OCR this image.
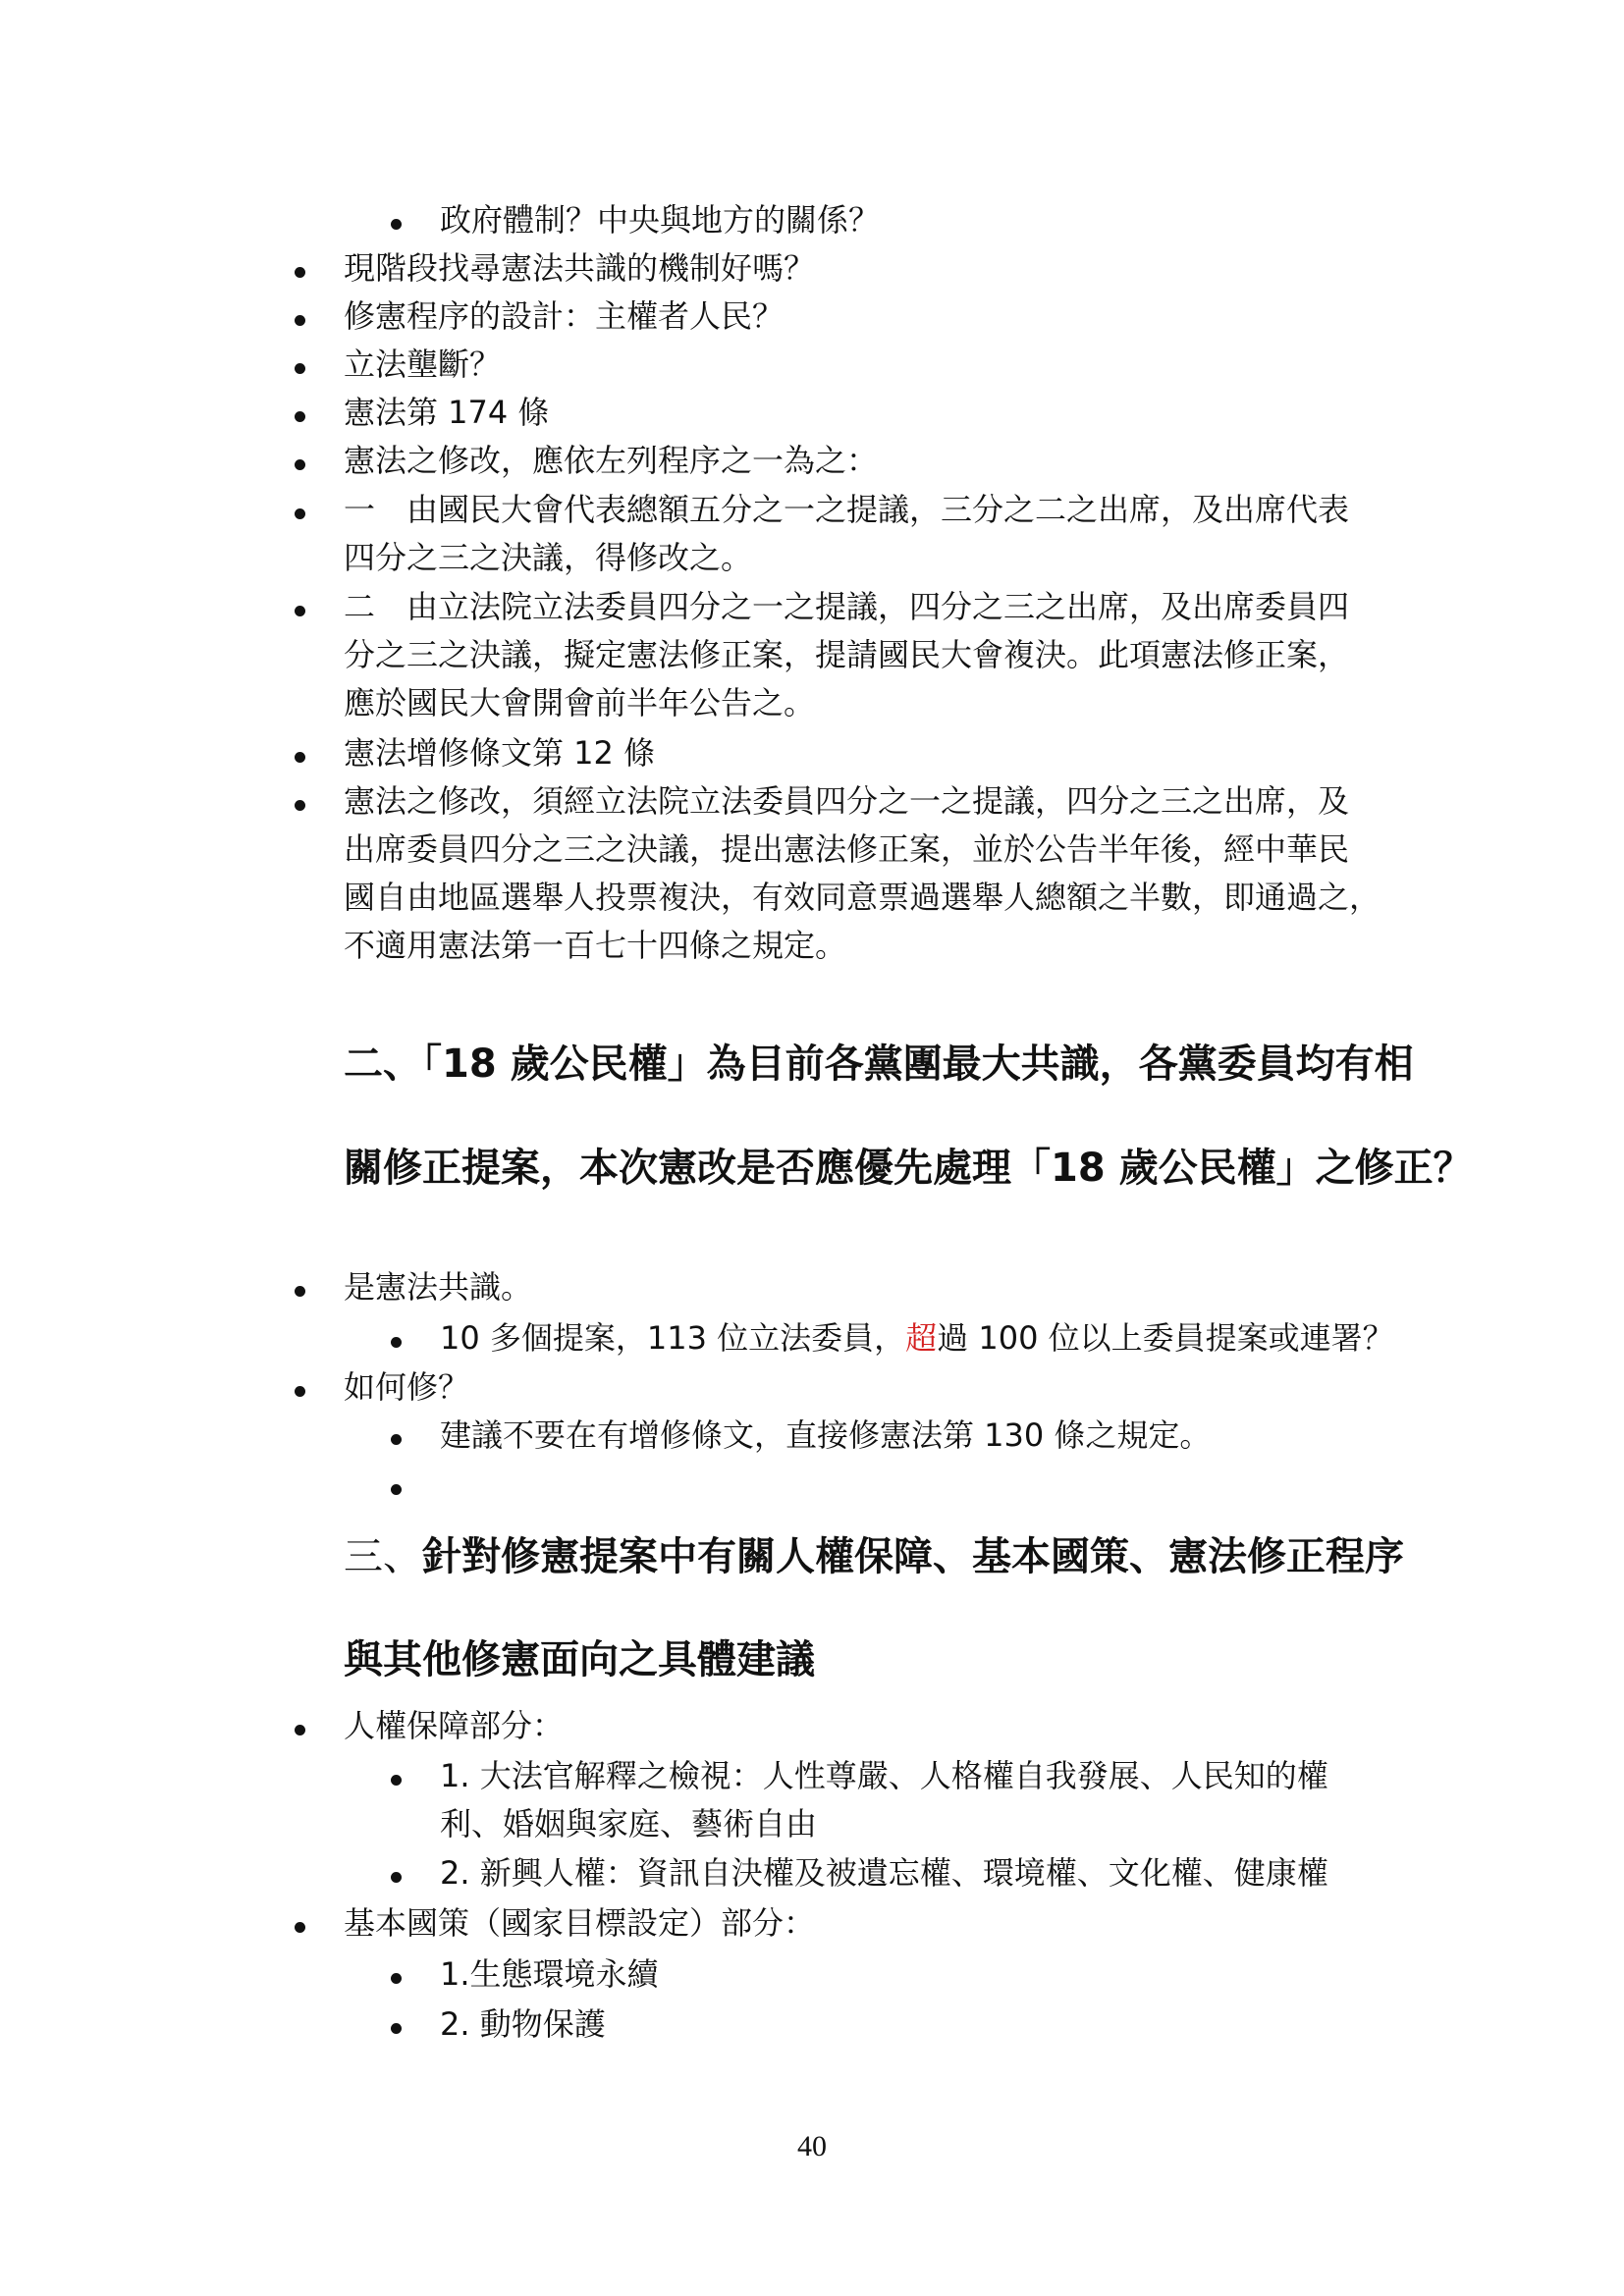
政府體制？中央與地方的關係？
現階段找尋憲法共識的機制好嗎？
修憲程序的設計：主權者人民？
立法壟斷？
憲法第 174 條
憲法之修改，應依左列程序之一為之：
一　由國民大會代表總額五分之一之提議，三分之二之出席，及出席代表
四分之三之決議，得修改之。
二　由立法院立法委員四分之一之提議，四分之三之出席，及出席委員四
分之三之決議，擬定憲法修正案，提請國民大會複決。此項憲法修正案，
應於國民大會開會前半年公告之。
憲法增修條文第 12 條
憲法之修改，須經立法院立法委員四分之一之提議，四分之三之出席，及
出席委員四分之三之決議，提出憲法修正案，並於公告半年後，經中華民
國自由地區選舉人投票複決，有效同意票過選舉人總額之半數，即通過之，
不適用憲法第一百七十四條之規定。
二、「18 歲公民權」為目前各黨團最大共識，各黨委員均有相
關修正提案，本次憲改是否應優先處理「18 歲公民權」之修正？
是憲法共識。
10 多個提案，113 位立法委員，超過 100 位以上委員提案或連署？
如何修？
建議不要在有增修條文，直接修憲法第 130 條之規定。
三、針對修憲提案中有關人權保障、基本國策、憲法修正程序
與其他修憲面向之具體建議
人權保障部分：
1. 大法官解釋之檢視：人性尊嚴、人格權自我發展、人民知的權
利、婚姻與家庭、藝術自由
2. 新興人權：資訊自決權及被遺忘權、環境權、文化權、健康權
基本國策（國家目標設定）部分：
1.生態環境永續
2. 動物保護
40
